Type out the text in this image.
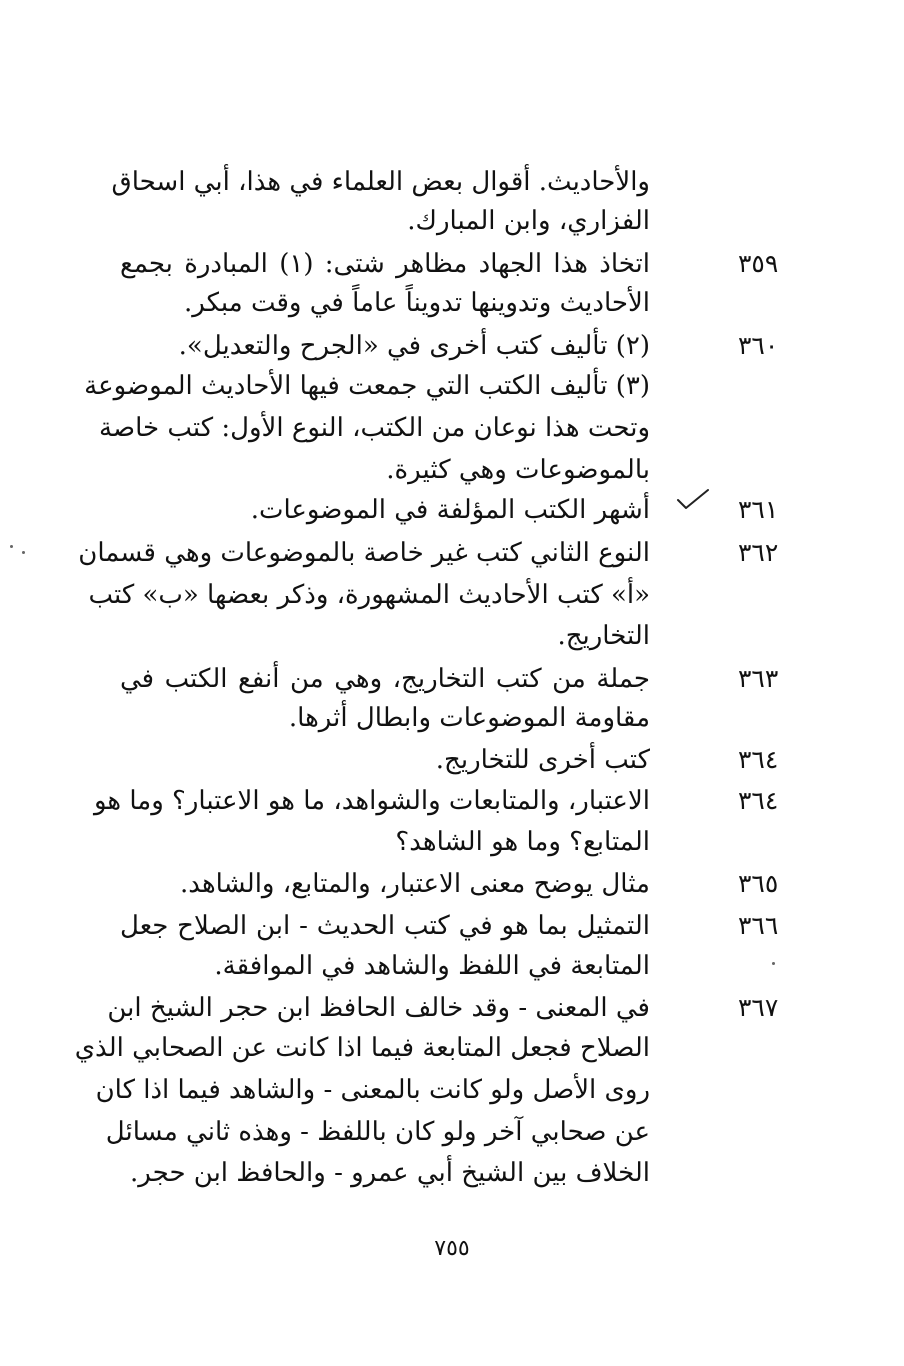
والأحاديث. أقوال بعض العلماء في هذا، أبي اسحاق
الفزاري، وابن المبارك.
اتخاذ هذا الجهاد مظاهر شتى: (١) المبادرة بجمع
الأحاديث وتدوينها تدويناً عاماً في وقت مبكر.
(٢) تأليف كتب أخرى في «الجرح والتعديل».
(٣) تأليف الكتب التي جمعت فيها الأحاديث الموضوعة
وتحت هذا نوعان من الكتب، النوع الأول: كتب خاصة
بالموضوعات وهي كثيرة.
أشهر الكتب المؤلفة في الموضوعات.
النوع الثاني كتب غير خاصة بالموضوعات وهي قسمان
«أ» كتب الأحاديث المشهورة، وذكر بعضها «ب» كتب
التخاريج.
جملة من كتب التخاريج، وهي من أنفع الكتب في
مقاومة الموضوعات وابطال أثرها.
كتب أخرى للتخاريج.
الاعتبار، والمتابعات والشواهد، ما هو الاعتبار؟ وما هو
المتابع؟ وما هو الشاهد؟
مثال يوضح معنى الاعتبار، والمتابع، والشاهد.
التمثيل بما هو في كتب الحديث - ابن الصلاح جعل
المتابعة في اللفظ والشاهد في الموافقة.
في المعنى - وقد خالف الحافظ ابن حجر الشيخ ابن
الصلاح فجعل المتابعة فيما اذا كانت عن الصحابي الذي
روى الأصل ولو كانت بالمعنى - والشاهد فيما اذا كان
عن صحابي آخر ولو كان باللفظ - وهذه ثاني مسائل
الخلاف بين الشيخ أبي عمرو - والحافظ ابن حجر.
٣٥٩
٣٦٠
٣٦١
٣٦٢
٣٦٣
٣٦٤
٣٦٤
٣٦٥
٣٦٦
٣٦٧
٧٥٥
